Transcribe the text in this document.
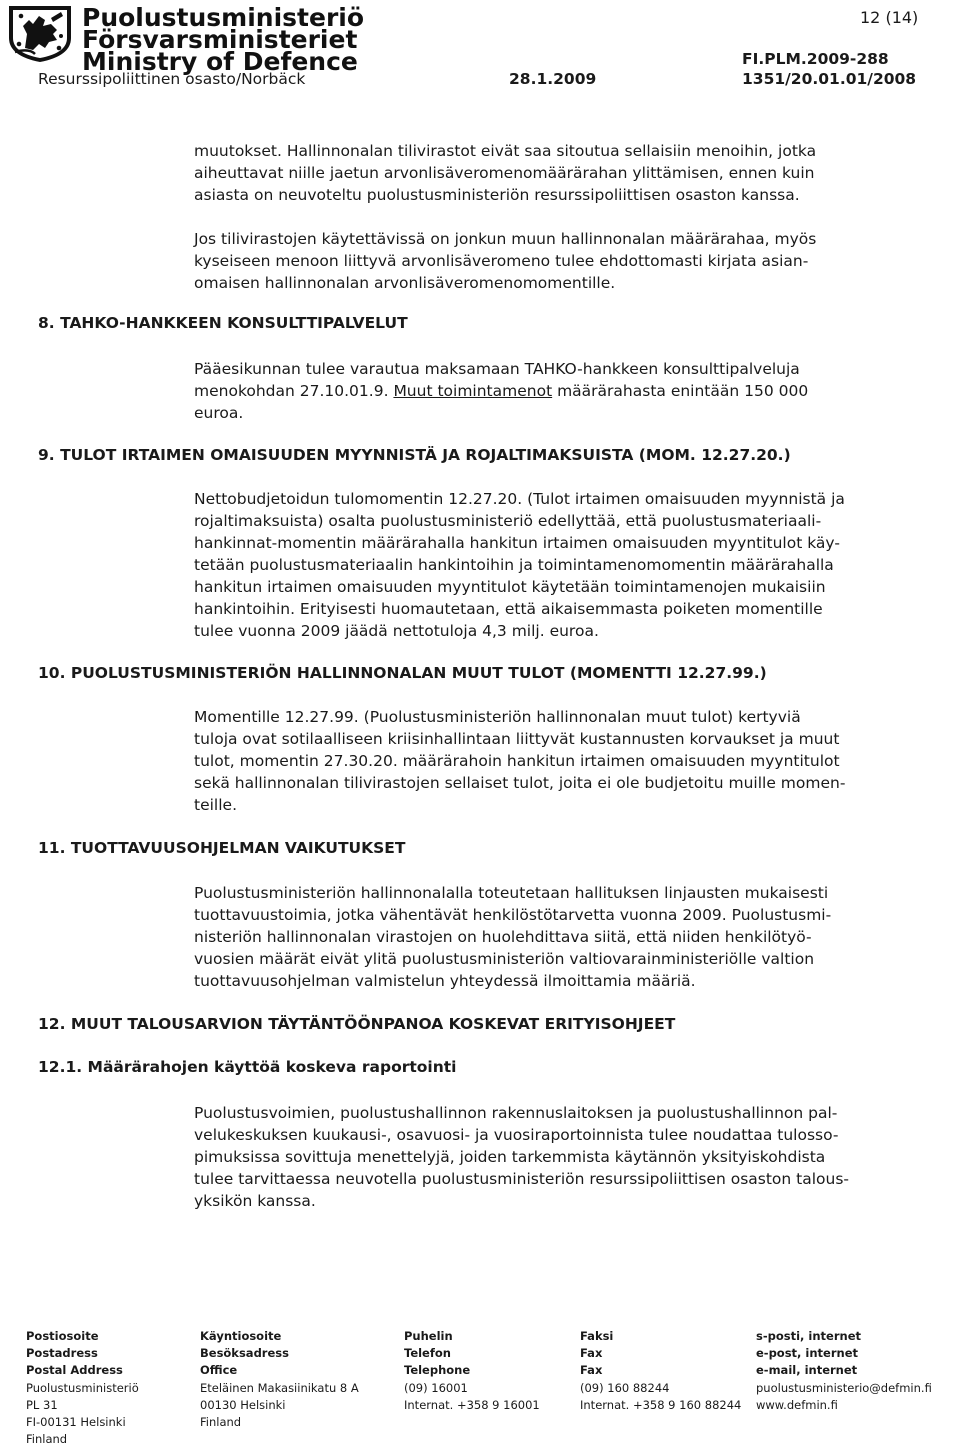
Puolustusministeriö
Försvarsministeriet
Ministry of Defence
12 (14)
FI.PLM.2009-288
Resurssipoliittinen osasto/Norbäck	28.1.2009	1351/20.01.01/2008
muutokset. Hallinnonalan tilivirastot eivät saa sitoutua sellaisiin menoihin, jotka
aiheuttavat niille jaetun arvonlisäveromenomäärärahan ylittämisen, ennen kuin
asiasta on neuvoteltu puolustusministeriön resurssipoliittisen osaston kanssa.
Jos tilivirastojen käytettävissä on jonkun muun hallinnonalan määrärahaa, myös
kyseiseen menoon liittyvä arvonlisäveromeno tulee ehdottomasti kirjata asian-
omaisen hallinnonalan arvonlisäveromenomomentille.
8. TAHKO-HANKKEEN KONSULTTIPALVELUT
Pääesikunnan tulee varautua maksamaan TAHKO-hankkeen konsulttipalveluja
menokohdan 27.10.01.9. Muut toimintamenot määrärahasta enintään 150 000
euroa.
9. TULOT IRTAIMEN OMAISUUDEN MYYNNISTÄ JA ROJALTIMAKSUISTA (MOM. 12.27.20.)
Nettobudjetoidun tulomomentin 12.27.20. (Tulot irtaimen omaisuuden myynnistä ja
rojaltimaksuista) osalta puolustusministeriö edellyttää, että puolustusmateriaali-
hankinnat-momentin määrärahalla hankitun irtaimen omaisuuden myyntitulot käy-
tetään puolustusmateriaalin hankintoihin ja toimintamenomomentin määrärahalla
hankitun irtaimen omaisuuden myyntitulot käytetään toimintamenojen mukaisiin
hankintoihin. Erityisesti huomautetaan, että aikaisemmasta poiketen momentille
tulee vuonna 2009 jäädä nettotuloja 4,3 milj. euroa.
10. PUOLUSTUSMINISTERIÖN HALLINNONALAN MUUT TULOT (MOMENTTI 12.27.99.)
Momentille 12.27.99. (Puolustusministeriön hallinnonalan muut tulot) kertyviä
tuloja ovat sotilaalliseen kriisinhallintaan liittyvät kustannusten korvaukset ja muut
tulot, momentin 27.30.20. määrärahoin hankitun irtaimen omaisuuden myyntitulot
sekä hallinnonalan tilivirastojen sellaiset tulot, joita ei ole budjetoitu muille momen-
teille.
11. TUOTTAVUUSOHJELMAN VAIKUTUKSET
Puolustusministeriön hallinnonalalla toteutetaan hallituksen linjausten mukaisesti
tuottavuustoimia, jotka vähentävät henkilöstötarvetta vuonna 2009. Puolustusmi-
nisteriön hallinnonalan virastojen on huolehdittava siitä, että niiden henkilötyö-
vuosien määrät eivät ylitä puolustusministeriön valtiovarainministeriölle valtion
tuottavuusohjelman valmistelun yhteydessä ilmoittamia määriä.
12. MUUT TALOUSARVION TÄYTÄNTÖÖNPANOA KOSKEVAT ERITYISOHJEET
12.1. Määrärahojen käyttöä koskeva raportointi
Puolustusvoimien, puolustushallinnon rakennuslaitoksen ja puolustushallinnon pal-
velukeskuksen kuukausi-, osavuosi- ja vuosiraportoinnista tulee noudattaa tulosso-
pimuksissa sovittuja menettelyjä, joiden tarkemmista käytännön yksityiskohdista
tulee tarvittaessa neuvotella puolustusministeriön resurssipoliittisen osaston talous-
yksikön kanssa.
Postiosoite
Postadress
Postal Address
Puolustusministeriö
PL 31
FI-00131 Helsinki
Finland
Käyntiosoite
Besöksadress
Office
Eteläinen Makasiinikatu 8 A
00130 Helsinki
Finland
Puhelin
Telefon
Telephone
(09) 16001
Internat. +358 9 16001
Faksi
Fax
Fax
(09) 160 88244
Internat. +358 9 160 88244
s-posti, internet
e-post, internet
e-mail, internet
puolustusministerio@defmin.fi
www.defmin.fi
